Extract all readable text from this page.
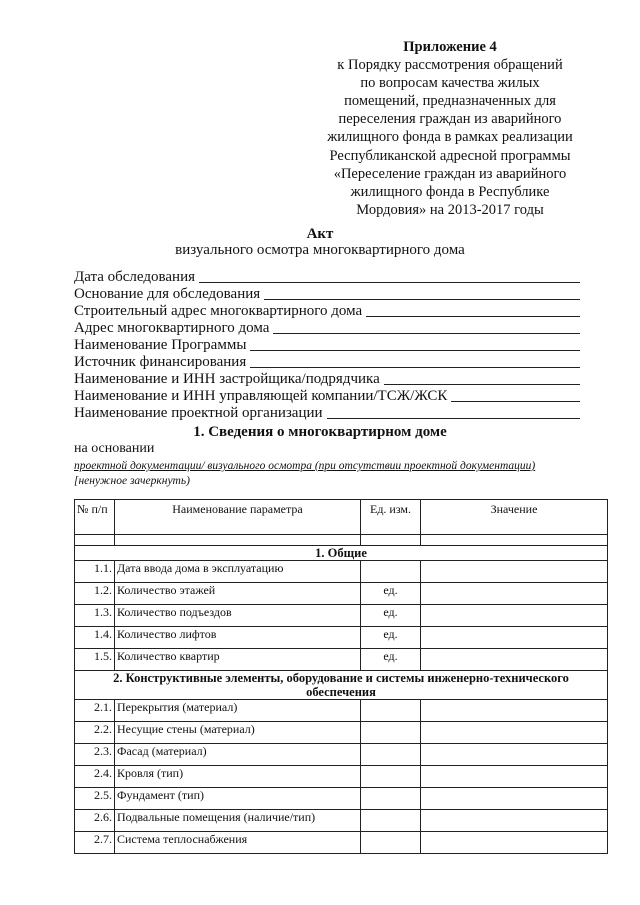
Приложение 4
к Порядку рассмотрения обращений
по вопросам качества жилых
помещений, предназначенных для
переселения граждан из аварийного
жилищного фонда в рамках реализации
Республиканской адресной программы
«Переселение граждан из аварийного
жилищного фонда в Республике
Мордовия» на 2013-2017 годы
Акт
визуального осмотра многоквартирного дома
Дата обследования
Основание для обследования
Строительный адрес многоквартирного дома
Адрес многоквартирного дома
Наименование Программы
Источник финансирования
Наименование и ИНН застройщика/подрядчика
Наименование и ИНН управляющей компании/ТСЖ/ЖСК
Наименование проектной организации
1. Сведения о многоквартирном доме
на основании
проектной документации/ визуального осмотра (при отсутствии проектной документации)
[ненужное зачеркнуть)
№ п/п	Наименование параметра	Ед. изм.	Значение

1. Общие			
1.1.	Дата ввода дома в эксплуатацию		
1.2.	Количество этажей	ед.	
1.3.	Количество подъездов	ед.	
1.4.	Количество лифтов	ед.	
1.5.	Количество квартир	ед.	
2. Конструктивные элементы, оборудование и системы инженерно-технического обеспечения			
2.1.	Перекрытия (материал)		
2.2.	Несущие стены (материал)		
2.3.	Фасад (материал)		
2.4.	Кровля (тип)		
2.5.	Фундамент (тип)		
2.6.	Подвальные помещения (наличие/тип)		
2.7.	Система теплоснабжения		
